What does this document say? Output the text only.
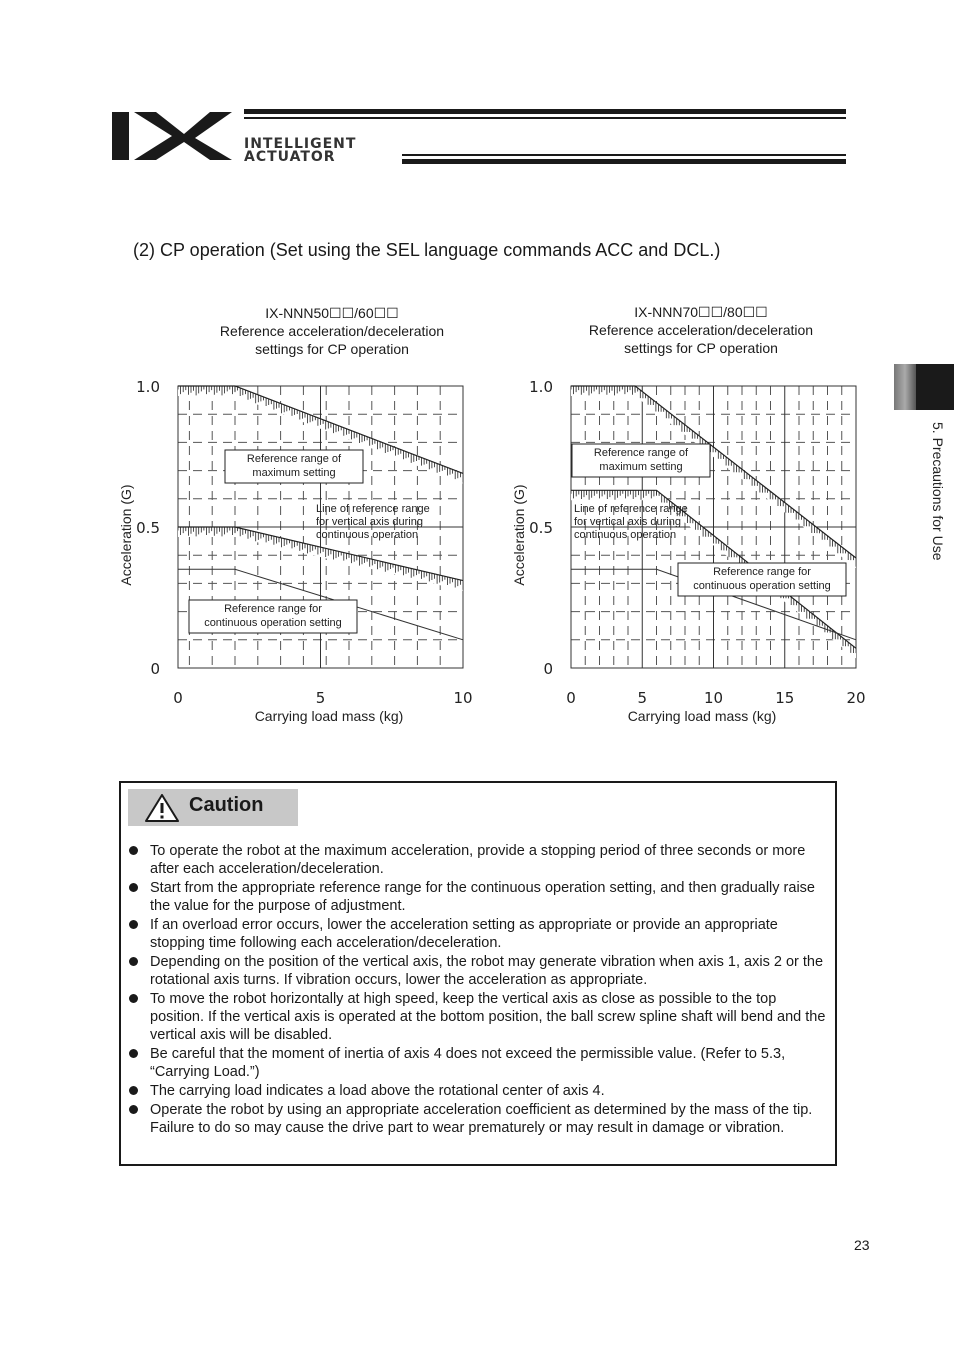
INTELLIGENT
ACTUATOR
5. Precautions for Use
(2) CP operation (Set using the SEL language commands ACC and DCL.)
IX-NNN50☐☐/60☐☐
Reference acceleration/deceleration
settings for CP operation
0
0.5
1.0
0	5	10
Acceleration (G)
Carrying load mass (kg)
Reference range of
maximum setting
Line of reference range
for vertical axis during
continuous operation
Reference range for
continuous operation setting
IX-NNN70☐☐/80☐☐
Reference acceleration/deceleration
settings for CP operation
0
0.5
1.0
0	5	10	15	20
Acceleration (G)
Carrying load mass (kg)
Reference range of
maximum setting
Line of reference range
for vertical axis during
continuous operation
Reference range for
continuous operation setting
Caution
To operate the robot at the maximum acceleration, provide a stopping period of three seconds or more after each acceleration/deceleration.
Start from the appropriate reference range for the continuous operation setting, and then gradually raise the value for the purpose of adjustment.
If an overload error occurs, lower the acceleration setting as appropriate or provide an appropriate stopping time following each acceleration/deceleration.
Depending on the position of the vertical axis, the robot may generate vibration when axis 1, axis 2 or the rotational axis turns. If vibration occurs, lower the acceleration as appropriate.
To move the robot horizontally at high speed, keep the vertical axis as close as possible to the top position. If the vertical axis is operated at the bottom position, the ball screw spline shaft will bend and the vertical axis will be disabled.
Be careful that the moment of inertia of axis 4 does not exceed the permissible value. (Refer to 5.3, “Carrying Load.”)
The carrying load indicates a load above the rotational center of axis 4.
Operate the robot by using an appropriate acceleration coefficient as determined by the mass of the tip. Failure to do so may cause the drive part to wear prematurely or may result in damage or vibration.
23
